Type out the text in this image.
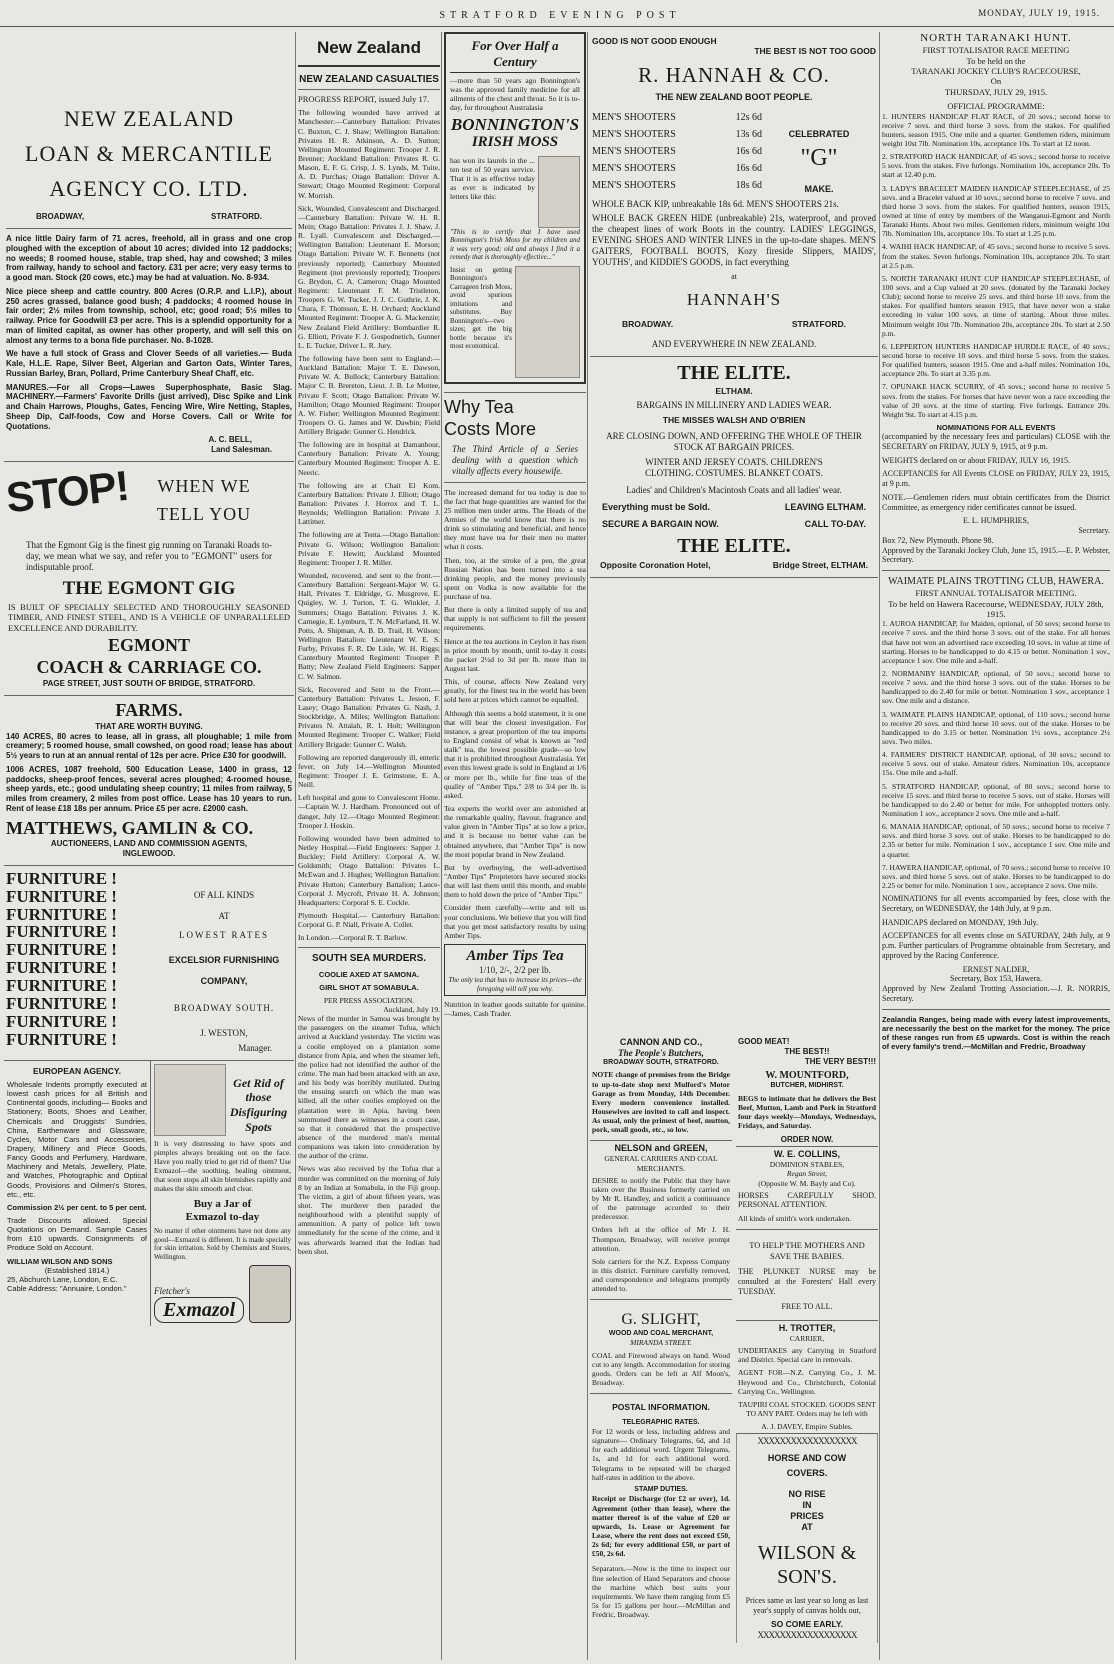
STRATFORD EVENING POST	MONDAY, JULY 19, 1915.
NEW ZEALAND
LOAN & MERCANTILE
AGENCY CO. LTD.
BROADWAY,	STRATFORD.

A nice little Dairy farm of 71 acres, freehold, all in grass and one crop ploughed with the exception of about 10 acres; divided into 12 paddocks; no weeds; 8 roomed house, stable, trap shed, hay and cowshed; 3 miles from railway, handy to school and factory. £31 per acre; very easy terms to a good man. Stock (20 cows, etc.) may be had at valuation. No. 8-934.

Nice piece sheep and cattle country. 800 Acres (O.R.P. and L.I.P.), about 250 acres grassed, balance good bush; 4 paddocks; 4 roomed house in fair order; 2½ miles from township, school, etc; good road; 5½ miles to railway. Price for Goodwill £3 per acre. This is a splendid opportunity for a man of limited capital, as owner has other property, and will sell this on almost any terms to a bona fide purchaser. No. 8-1028.

We have a full stock of Grass and Clover Seeds of all varieties.— Buda Kale, H.L.E. Rape, Silver Beet, Algerian and Garton Oats, Winter Tares, Russian Barley, Bran, Pollard, Prime Canterbury Sheaf Chaff, etc.

MANURES.—For all Crops—Lawes Superphosphate, Basic Slag. MACHINERY.—Farmers' Favorite Drills (just arrived), Disc Spike and Link and Chain Harrows, Ploughs, Gates, Fencing Wire, Wire Netting, Staples, Sheep Dip, Calf-foods, Cow and Horse Covers. Call or Write for Quotations.

A. C. BELL,
Land Salesman.
STOP!	WHEN WE
TELL YOU

That the Egmont Gig is the finest gig running on Taranaki Roads to-day, we mean what we say, and refer you to "EGMONT" users for indisputable proof.

THE EGMONT GIG

IS BUILT OF SPECIALLY SELECTED AND THOROUGHLY SEASONED TIMBER, AND FINEST STEEL, AND IS A VEHICLE OF UNPARALLELED EXCELLENCE AND DURABILITY.

EGMONT
COACH & CARRIAGE CO.
PAGE STREET, JUST SOUTH OF BRIDGE, STRATFORD.
FARMS.
THAT ARE WORTH BUYING.

140 ACRES, 80 acres to lease, all in grass, all ploughable; 1 mile from creamery; 5 roomed house, small cowshed, on good road; lease has about 5½ years to run at an annual rental of 12s per acre. Price £30 for goodwill.

1006 ACRES, 1087 freehold, 500 Education Lease, 1400 in grass, 12 paddocks, sheep-proof fences, several acres ploughed; 4-roomed house, sheep yards, etc.; good undulating sheep country; 11 miles from railway, 5 miles from creamery, 2 miles from post office. Lease has 10 years to run. Rent of lease £18 18s per annum. Price £5 per acre. £2000 cash.

MATTHEWS, GAMLIN & CO.
AUCTIONEERS, LAND AND COMMISSION AGENTS,
INGLEWOOD.
FURNITURE !
FURNITURE !
FURNITURE !
FURNITURE !
FURNITURE !
FURNITURE !
FURNITURE !
FURNITURE !
FURNITURE !
FURNITURE !
OF ALL KINDS
AT
LOWEST RATES
EXCELSIOR FURNISHING
COMPANY,
BROADWAY SOUTH.
J. WESTON,
Manager.
EUROPEAN AGENCY.

Wholesale Indents promptly executed at lowest cash prices for all British and Continental goods, including— Books and Stationery, Boots, Shoes and Leather, Chemicals and Druggists' Sundries, China, Earthenware and Glassware, Cycles, Motor Cars and Accessories, Drapery, Millinery and Piece Goods, Fancy Goods and Perfumery, Hardware, Machinery and Metals, Jewellery, Plate, and Watches, Photographic and Optical Goods, Provisions and Oilmen's Stores, etc., etc.

Commission 2½ per cent. to 5 per cent.

Trade Discounts allowed. Special Quotations on Demand. Sample Cases from £10 upwards. Consignments of Produce Sold on Account.

WILLIAM WILSON AND SONS
(Established 1814.)
25, Abchurch Lane, London, E.C.
Cable Address: "Annuaire, London."
Get Rid of those
Disfiguring Spots

It is very distressing to have spots and pimples always breaking out on the face. Have you really tried to get rid of them? Use Exmazol—the soothing, healing ointment, that soon stops all skin blemishes rapidly and makes the skin smooth and clear.

Buy a Jar of
Exmazol to-day

No matter if other ointments have not done any good—Exmazol is different. It is made specially for skin irritation. Sold by Chemists and Stores, Wellington.

Fletcher's
Exmazol
New Zealand
NEW ZEALAND CASUALTIES

PROGRESS REPORT, issued July 17.

The following wounded have arrived at Manchester:—Canterbury Battalion: Privates C. Buxton, C. J. Shaw; Wellington Battalion: Privates H. R. Atkinson, A. D. Sutton; Wellington Mounted Regiment: Trooper J. R. Brenner; Auckland Battalion: Privates R. G. Mason, E. F. G. Crisp, J. S. Lynds, M. Tuite, A. D. Purchas; Otago Battalion: Driver A. Stewart; Otago Mounted Regiment: Corporal W. Morrish.

Sick, Wounded, Convalescent and Discharged.—Canterbury Battalion: Private W. H. R. Mein; Otago Battalion: Privates J. J. Shaw, J. R. Lyall. Convalescent and Discharged.—Wellington Battalion: Lieutenant E. Morson; Otago Battalion: Private W. F. Bennetts (not previously reported); Canterbury Mounted Regiment (not previously reported); Troopers G. Brydon, C. A. Cameron; Otago Mounted Regiment: Lieutenant F. M. Tristleton, Troopers G. W. Tucker, J. J. C. Guthrie, J. K. Chara, F. Thomson, E. H. Orchard; Auckland Mounted Regiment: Trooper A. G. Mackenzie; New Zealand Field Artillery: Bombardier R. G. Elliott, Private F. J. Gospodnetich, Gunner L. E. Tucker, Driver L. R. Jury.

The following have been sent to England:—Auckland Battalion: Major T. E. Dawson, Private W. A. Bullock; Canterbury Battalion: Major C. B. Brereton, Lieut. J. B. Le Mottee, Private F. Scott; Otago Battalion: Private W. Hamilton; Otago Mounted Regiment: Trooper A. W. Fisher; Wellington Mounted Regiment: Troopers O. G. James and W. Dawbin; Field Artillery Brigade: Gunner G. Hendrick.

The following are in hospital at Damanhour, Canterbury Battalion: Private A. Young; Canterbury Mounted Regiment: Trooper A. E. Neeric.

The following are at Chait El Kom. Canterbury Battalion: Private J. Elliott; Otago Battalion: Privates J. Horrox and T. L. Reynolds; Wellington Battalion: Private J. Lattimer.

The following are at Tenta.—Otago Battalion: Private G. Wilson; Wellington Battalion: Private F. Hewitt; Auckland Mounted Regiment: Trooper J. R. Miller.

Wounded, recovered, and sent to the front.—Canterbury Battalion: Sergeant-Major W. G. Hall, Privates T. Eldridge, G. Musgrove, E. Quigley, W. J. Turton, T. G. Winkler, J. Summers; Otago Battalion: Privates J. K. Carnegie, E. Lymburn, T. N. McFarland, H. W. Potts, A. Shipman, A. B. D. Trail, H. Wilson; Wellington Battalion: Lieutenant W. E. S. Furby, Privates F. R. De Lisle, W. H. Riggs; Canterbury Mounted Regiment: Trooper P. Batty; New Zealand Field Engineers: Sapper C. W. Salmon.

Sick, Recovered and Sent to the Front.— Canterbury Battalion: Privates L. Jesson, F. Lasey; Otago Battalion: Privates G. Nash, J. Stockbridge, A. Miles; Wellington Battalion: Privates N. Attalah, R. I. Holt; Wellington Mounted Regiment: Trooper C. Walker; Field Artillery Brigade: Gunner C. Walsh.

Following are reported dangerously ill, enteric fever, on July 14.—Wellington Mounted Regiment: Trooper J. E. Grimstone, E. A. Neill.

Left hospital and gone to Convalescent Home.—Captain W. J. Hardham. Pronounced out of danger, July 12.—Otago Mounted Regiment: Trooper J. Hoskin.

Following wounded have been admitted to Netley Hospital.—Field Engineers: Sapper J. Buckley; Field Artillery: Corporal A. W. Goldsmith; Otago Battalion: Privates L. McEwan and J. Hughes; Wellington Battalion: Private Hutton; Canterbury Battalion; Lance-Corporal J. Mycroft, Private H. A. Johnson; Headquarters: Corporal S. E. Cockle.

Plymouth Hospital.— Canterbury Battalion: Corporal G. P. Niall, Private A. Collet.

In London.—Corporal R. T. Barlow.

SOUTH SEA MURDERS.
COOLIE AXED AT SAMONA.
GIRL SHOT AT SOMABULA.
PER PRESS ASSOCIATION.
Auckland, July 19.

News of the murder in Samoa was brought by the passengers on the steamer Tofua, which arrived at Auckland yesterday. The victim was a coolie employed on a plantation some distance from Apia, and when the steamer left, the police had not identified the author of the crime. The man had been attacked with an axe, and his body was horribly mutilated. During the ensuing search on which the man was killed, all the other coolies employed on the plantation were in Apia, having been summoned there as witnesses in a court case, so that it considered that the prospective absence of the murdered man's mental companions was taken into consideration by the author of the crime.

News was also received by the Tofua that a murder was committed on the morning of July 8 by an Indian at Somabula, in the Fiji group. The victim, a girl of about fifteen years, was shot. The murderer then paraded the neighbourhood with a plentiful supply of ammunition. A party of police left town immediately for the scene of the crime, and it was afterwards learned that the Indian had been shot.

For Over Half a Century

—more than 50 years ago Bonnington's was the approved family medicine for all ailments of the chest and throat. So it is to-day, for throughout Australasia

BONNINGTON'S
IRISH MOSS

has won its laurels in the ... ten test of 50 years service. That it is as effective today as ever is indicated by letters like this:

"This is to certify that I have used Bonnington's Irish Moss for my children and it was very good; old and always I find it a remedy that is thoroughly effective..."

Insist on getting Bonnington's Carrageen Irish Moss, avoid spurious imitations and substitutes. Buy Bonnington's—two sizes; get the big bottle because it's most economical.

Why Tea
Costs More

The Third Article of a Series dealing with a question which vitally affects every housewife.

The increased demand for tea today is due to the fact that huge quantities are wanted for the 25 million men under arms. The Heads of the Armies of the world know that there is no drink so stimulating and beneficial, and hence they must have tea for their men no matter what it costs.

Then, too, at the stroke of a pen, the great Russian Nation has been turned into a tea drinking people, and the money previously spent on Vodka is now available for the purchase of tea.

But there is only a limited supply of tea and that supply is not sufficient to fill the present requirements.

Hence at the tea auctions in Ceylon it has risen in price month by month, until to-day it costs the packer 2½d to 3d per lb. more than in August last.

This, of course, affects New Zealand very greatly, for the finest tea in the world has been sold here at prices which cannot be equalled.

Although this seems a bold statement, it is one that will bear the closest investigation. For instance, a great proportion of the tea imports to England consist of what is known as "red stalk" tea, the lowest possible grade—so low that it is prohibited throughout Australasia. Yet even this lowest grade is sold in England at 1/6 or more per lb., while for fine teas of the quality of "Amber Tips," 2/8 to 3/4 per lb. is asked.

Tea experts the world over are astonished at the remarkable quality, flavour, fragrance and value given in "Amber Tips" at so low a price, and it is because no better value can be obtained anywhere, that "Amber Tips" is now the most popular brand in New Zealand.

But by overbuying, the well-advertised "Amber Tips" Proprietors have secured stocks that will last them until this month, and enable them to hold down the price of "Amber Tips."

Consider them carefully—write and tell us your conclusions. We believe that you will find that you get most satisfactory results by using Amber Tips.

Amber Tips Tea
1/10, 2/-, 2/2 per lb.
The only tea that has to increase its prices—the foregoing will tell you why.

Nutrition in leather goods suitable for quinine.—James, Cash Trader.

GOOD IS NOT GOOD ENOUGH
THE BEST IS NOT TOO GOOD
R. HANNAH & CO.
THE NEW ZEALAND BOOT PEOPLE.
MEN'S SHOOTERS	12s 6d
MEN'S SHOOTERS	13s 6d
MEN'S SHOOTERS	16s 6d
MEN'S SHOOTERS	16s 6d
MEN'S SHOOTERS	18s 6d
CELEBRATED
"G"
MAKE.

WHOLE BACK KIP, unbreakable 18s 6d. MEN'S SHOOTERS 21s.

WHOLE BACK GREEN HIDE (unbreakable) 21s, waterproof, and proved the cheapest lines of work Boots in the country. LADIES' LEGGINGS, EVENING SHOES AND WINTER LINES in the up-to-date shapes. MEN'S GAITERS, FOOTBALL BOOTS, Kozy fireside Slippers, MAIDS', YOUTHS', and KIDDIE'S GOODS, in fact everything

at
HANNAH'S
BROADWAY.	STRATFORD.
AND EVERYWHERE IN NEW ZEALAND.
THE ELITE.
ELTHAM.
BARGAINS IN MILLINERY AND LADIES WEAR.
THE MISSES WALSH AND O'BRIEN

ARE CLOSING DOWN, AND OFFERING THE WHOLE OF THEIR STOCK AT BARGAIN PRICES.

WINTER AND JERSEY COATS. CHILDREN'S CLOTHING. COSTUMES. BLANKET COATS.

Ladies' and Children's Macintosh Coats and all ladies' wear.
Everything must be Sold.	LEAVING ELTHAM.
SECURE A BARGAIN NOW.	CALL TO-DAY.
THE ELITE.
Opposite Coronation Hotel,	Bridge Street, ELTHAM.
CANNON AND CO.,
The People's Butchers,
BROADWAY SOUTH, STRATFORD.

NOTE change of premises from the Bridge to up-to-date shop next Mulford's Motor Garage as from Monday, 14th December. Every modern convenience installed. Housewives are invited to call and inspect. As usual, only the primest of beef, mutton, pork, small goods, etc., so low.

NELSON and GREEN,
GENERAL CARRIERS AND COAL MERCHANTS.

DESIRE to notify the Public that they have taken over the Business formerly carried on by Mr R. Handley, and solicit a continuance of the patronage accorded to their predecessor.

Orders left at the office of Mr J. H. Thompson, Broadway, will receive prompt attention.

Sole carriers for the N.Z. Express Company in this district. Furniture carefully removed, and correspondence and telegrams promptly attended to.

G. SLIGHT,
WOOD AND COAL MERCHANT,
MIRANDA STREET.

COAL and Firewood always on hand. Wood cut to any length. Accommodation for storing goods. Orders can be left at Alf Moon's, Broadway.

POSTAL INFORMATION.
TELEGRAPHIC RATES.

For 12 words or less, including address and signature— Ordinary Telegrams, 6d, and 1d for each additional word. Urgent Telegrams, 1s, and 1d for each additional word. Telegrams to be repeated will be charged half-rates in addition to the above.

STAMP DUTIES.

Receipt or Discharge (for £2 or over), 1d. Agreement (other than lease), where the matter thereof is of the value of £20 or upwards, 1s. Lease or Agreement for Lease, where the rent does not exceed £50, 2s 6d; for every additional £50, or part of £50, 2s 6d.

Separators.—Now is the time to inspect our fine selection of Hand Separators and choose the machine which best suits your requirements. We have them ranging from £5 5s for 15 gallons per hour.—McMillan and Fredric, Broadway.

GOOD MEAT!
THE BEST!!
THE VERY BEST!!!
W. MOUNTFORD,
BUTCHER, MIDHIRST.

BEGS to intimate that he delivers the Best Beef, Mutton, Lamb and Pork in Stratford four days weekly—Mondays, Wednesdays, Fridays, and Saturday.

ORDER NOW.
W. E. COLLINS,
DOMINION STABLES,
Regan Street,
(Opposite W. M. Bayly and Co).

HORSES CAREFULLY SHOD. PERSONAL ATTENTION.

All kinds of smith's work undertaken.

TO HELP THE MOTHERS AND SAVE THE BABIES.

THE PLUNKET NURSE may be consulted at the Foresters' Hall every TUESDAY.

FREE TO ALL.
H. TROTTER,
CARRIER,

UNDERTAKES any Carrying in Stratford and District. Special care in removals.

AGENT FOR—N.Z. Carrying Co., J. M. Heywood and Co., Christchurch, Colonial Carrying Co., Wellington.

TAUPIRI COAL STOCKED. GOODS SENT TO ANY PART. Orders may be left with

A. J. DAVEY, Empire Stables.
XXXXXXXXXXXXXXXXXX
HORSE AND COW
COVERS.
NO RISE
IN
PRICES
AT
WILSON &
SON'S.

Prices same as last year so long as last year's supply of canvas holds out,

SO COME EARLY.
XXXXXXXXXXXXXXXXXX
NORTH TARANAKI HUNT.
FIRST TOTALISATOR RACE MEETING
To be held on the
TARANAKI JOCKEY CLUB'S RACECOURSE,
On
THURSDAY, JULY 29, 1915.
OFFICIAL PROGRAMME:

1. HUNTERS HANDICAP FLAT RACE, of 20 sovs.; second horse to receive 7 sovs. and third horse 3 sovs. from the stakes. For qualified hunters, season 1915. One mile and a quarter. Gentlemen riders, minimum weight 10st 7lb. Nomination 10s, acceptance 10s. To start at 12 noon.

2. STRATFORD HACK HANDICAP, of 45 sovs.; second horse to receive 5 sovs. from the stakes. Five furlongs. Nomination 10s, acceptance 20s. To start at 12.40 p.m.

3. LADY'S BRACELET MAIDEN HANDICAP STEEPLECHASE, of 25 sovs. and a Bracelet valued at 10 sovs.; second horse to receive 7 sovs. and third horse 3 sovs. from the stakes. For qualified hunters, season 1915, owned at time of entry by members of the Wanganui-Egmont and North Taranaki Hunts. About two miles. Gentlemen riders, minimum weight 10st 7lb. Nomination 10s, acceptance 10s. To start at 1.25 p.m.

4. WAIHI HACK HANDICAP, of 45 sovs.; second horse to receive 5 sovs. from the stakes. Seven furlongs. Nomination 10s, acceptance 20s. To start at 2.5 p.m.

5. NORTH TARANAKI HUNT CUP HANDICAP STEEPLECHASE, of 100 sovs. and a Cup valued at 20 sovs. (donated by the Taranaki Jockey Club); second horse to receive 25 sovs. and third horse 10 sovs. from the stakes. For qualified hunters season 1915, that have never won a stake exceeding in value 100 sovs. at time of starting. About three miles. Minimum weight 10st 7lb. Nomination 20s, acceptance 20s. To start at 2.50 p.m.

6. LEPPERTON HUNTERS HANDICAP HURDLE RACE, of 40 sovs.; second horse to receive 10 sovs. and third horse 5 sovs. from the stakes. For qualified hunters, season 1915. One and a-half miles. Nomination 10s, acceptance 20s. To start at 3.35 p.m.

7. OPUNAKE HACK SCURRY, of 45 sovs.; second horse to receive 5 sovs. from the stakes. For horses that have never won a race exceeding the value of 20 sovs. at the time of starting. Five furlongs. Entrance 20s. Weight 9st. To start at 4.15 p.m.

NOMINATIONS FOR ALL EVENTS

(accompanied by the necessary fees and particulars) CLOSE with the SECRETARY on FRIDAY, JULY 9, 1915, at 9 p.m.

WEIGHTS declared on or about FRIDAY, JULY 16, 1915.

ACCEPTANCES for All Events CLOSE on FRIDAY, JULY 23, 1915, at 9 p.m.

NOTE.—Gentlemen riders must obtain certificates from the District Committee, as emergency rider certificates cannot be issued.

E. L. HUMPHRIES,
Secretary.
Box 72, New Plymouth. Phone 98.

Approved by the Taranaki Jockey Club, June 15, 1915.—E. P. Webster, Secretary.

WAIMATE PLAINS TROTTING CLUB, HAWERA.
FIRST ANNUAL TOTALISATOR MEETING.
To be held on Hawera Racecourse, WEDNESDAY, JULY 28th, 1915.

1. AUROA HANDICAP, for Maiden, optional, of 50 sovs; second horse to receive 7 sovs. and the third horse 3 sovs. out of the stake. For all horses that have not won an advertised race exceeding 10 sovs. in value at time of starting. Horses to be handicapped to do 4.15 or better. Nomination 1 sov., acceptance 1 sov. One mile and a-half.

2. NORMANBY HANDICAP, optional, of 50 sovs.; second horse to receive 7 sovs. and the third horse 3 sovs. out of the stake. Horses to be handicapped to do 2.40 for mile or better. Nomination 1 sov., acceptance 1 sov. One mile and a distance.

3. WAIMATE PLAINS HANDICAP, optional, of 110 sovs.; second horse to receive 20 sovs. and third horse 10 sovs. out of the stake. Horses to be handicapped to do 3.15 or better. Nomination 1½ sovs., acceptance 2½ sovs. Two miles.

4. FARMERS' DISTRICT HANDICAP, optional, of 30 sovs.; second to receive 5 sovs. out of stake. Amateur riders. Nomination 10s, acceptance 15s. One mile and a-half.

5. STRATFORD HANDICAP, optional, of 80 sovs.; second horse to receive 15 sovs. and third horse to receive 5 sovs. out of stake. Horses will be handicapped to do 2.40 or better for mile. For unhoppled trotters only. Nomination 1 sov., acceptance 2 sovs. One mile and a-half.

6. MANAIA HANDICAP, optional, of 50 sovs.; second horse to receive 7 sovs. and third horse 3 sovs. out of stake. Horses to be handicapped to do 2.35 or better for mile. Nomination 1 sov., acceptance 1 sov. One mile and a quarter.

7. HAWERA HANDICAP, optional, of 70 sovs.; second horse to receive 10 sovs. and third horse 5 sovs. out of stake. Horses to be handicapped to do 2.25 or better for mile. Nomination 1 sov., acceptance 2 sovs. One mile.

NOMINATIONS for all events accompanied by fees, close with the Secretary, on WEDNESDAY, the 14th July, at 9 p.m.

HANDICAPS declared on MONDAY, 19th July.

ACCEPTANCES for all events close on SATURDAY, 24th July, at 9 p.m. Further particulars of Programme obtainable from Secretary, and approved by the Racing Conference.

ERNEST NALDER,
Secretary, Box 153, Hawera.

Approved by New Zealand Trotting Association.—J. R. NORRIS, Secretary.

Zealandia Ranges, being made with every latest improvements, are necessarily the best on the market for the money. The price of these ranges run from £5 upwards. Cost is within the reach of every family's trend.—McMillan and Fredric, Broadway
